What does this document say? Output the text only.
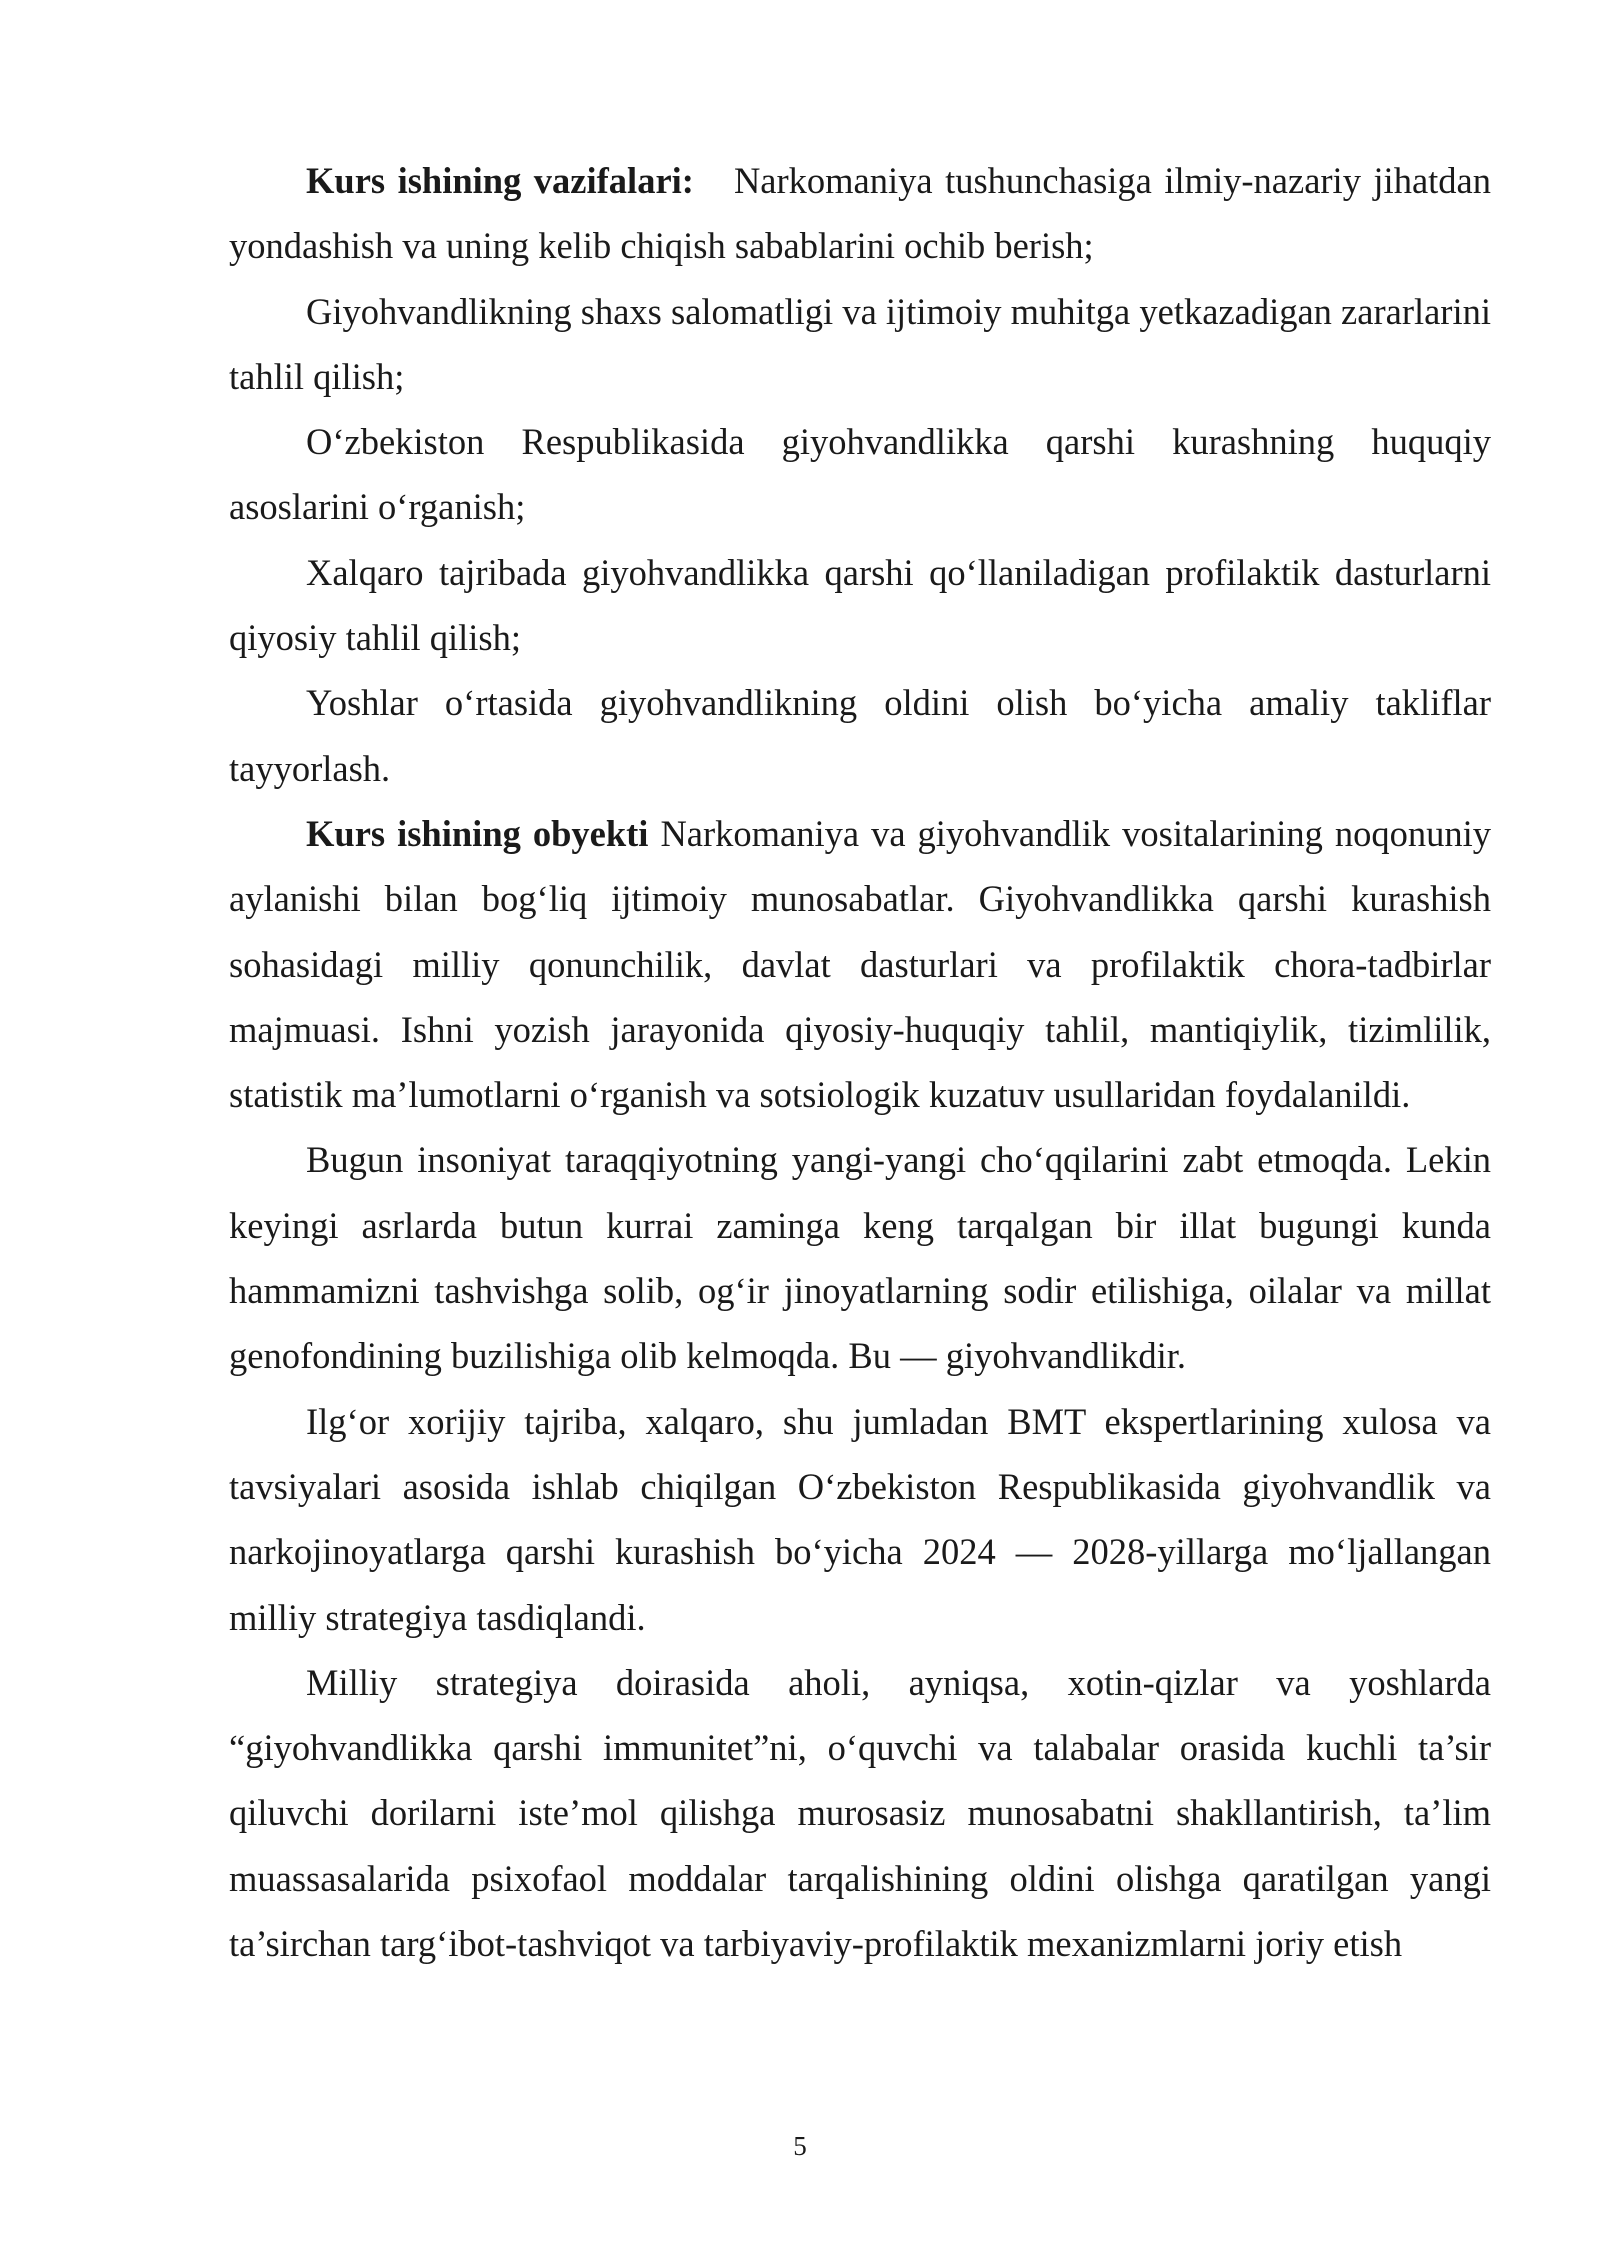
Kurs ishining vazifalari: Narkomaniya tushunchasiga ilmiy-nazariy jihatdan yondashish va uning kelib chiqish sabablarini ochib berish;

Giyohvandlikning shaxs salomatligi va ijtimoiy muhitga yetkazadigan zararlarini tahlil qilish;

O‘zbekiston Respublikasida giyohvandlikka qarshi kurashning huquqiy asoslarini o‘rganish;

Xalqaro tajribada giyohvandlikka qarshi qo‘llaniladigan profilaktik dasturlarni qiyosiy tahlil qilish;

Yoshlar o‘rtasida giyohvandlikning oldini olish bo‘yicha amaliy takliflar tayyorlash.

Kurs ishining obyekti Narkomaniya va giyohvandlik vositalarining noqonuniy aylanishi bilan bog‘liq ijtimoiy munosabatlar. Giyohvandlikka qarshi kurashish sohasidagi milliy qonunchilik, davlat dasturlari va profilaktik chora-tadbirlar majmuasi. Ishni yozish jarayonida qiyosiy-huquqiy tahlil, mantiqiylik, tizimlilik, statistik ma’lumotlarni o‘rganish va sotsiologik kuzatuv usullaridan foydalanildi.

Bugun insoniyat taraqqiyotning yangi-yangi cho‘qqilarini zabt etmoqda. Lekin keyingi asrlarda butun kurrai zaminga keng tarqalgan bir illat bugungi kunda hammamizni tashvishga solib, og‘ir jinoyatlarning sodir etilishiga, oilalar va millat genofondining buzilishiga olib kelmoqda. Bu — giyohvandlikdir.

Ilg‘or xorijiy tajriba, xalqaro, shu jumladan BMT ekspertlarining xulosa va tavsiyalari asosida ishlab chiqilgan O‘zbekiston Respublikasida giyohvandlik va narkojinoyatlarga qarshi kurashish bo‘yicha 2024 — 2028-yillarga mo‘ljallangan milliy strategiya tasdiqlandi.

Milliy strategiya doirasida aholi, ayniqsa, xotin-qizlar va yoshlarda “giyohvandlikka qarshi immunitet”ni, o‘quvchi va talabalar orasida kuchli ta’sir qiluvchi dorilarni iste’mol qilishga murosasiz munosabatni shakllantirish, ta’lim muassasalarida psixofaol moddalar tarqalishining oldini olishga qaratilgan yangi ta’sirchan targ‘ibot-tashviqot va tarbiyaviy-profilaktik mexanizmlarni joriy etish

5
